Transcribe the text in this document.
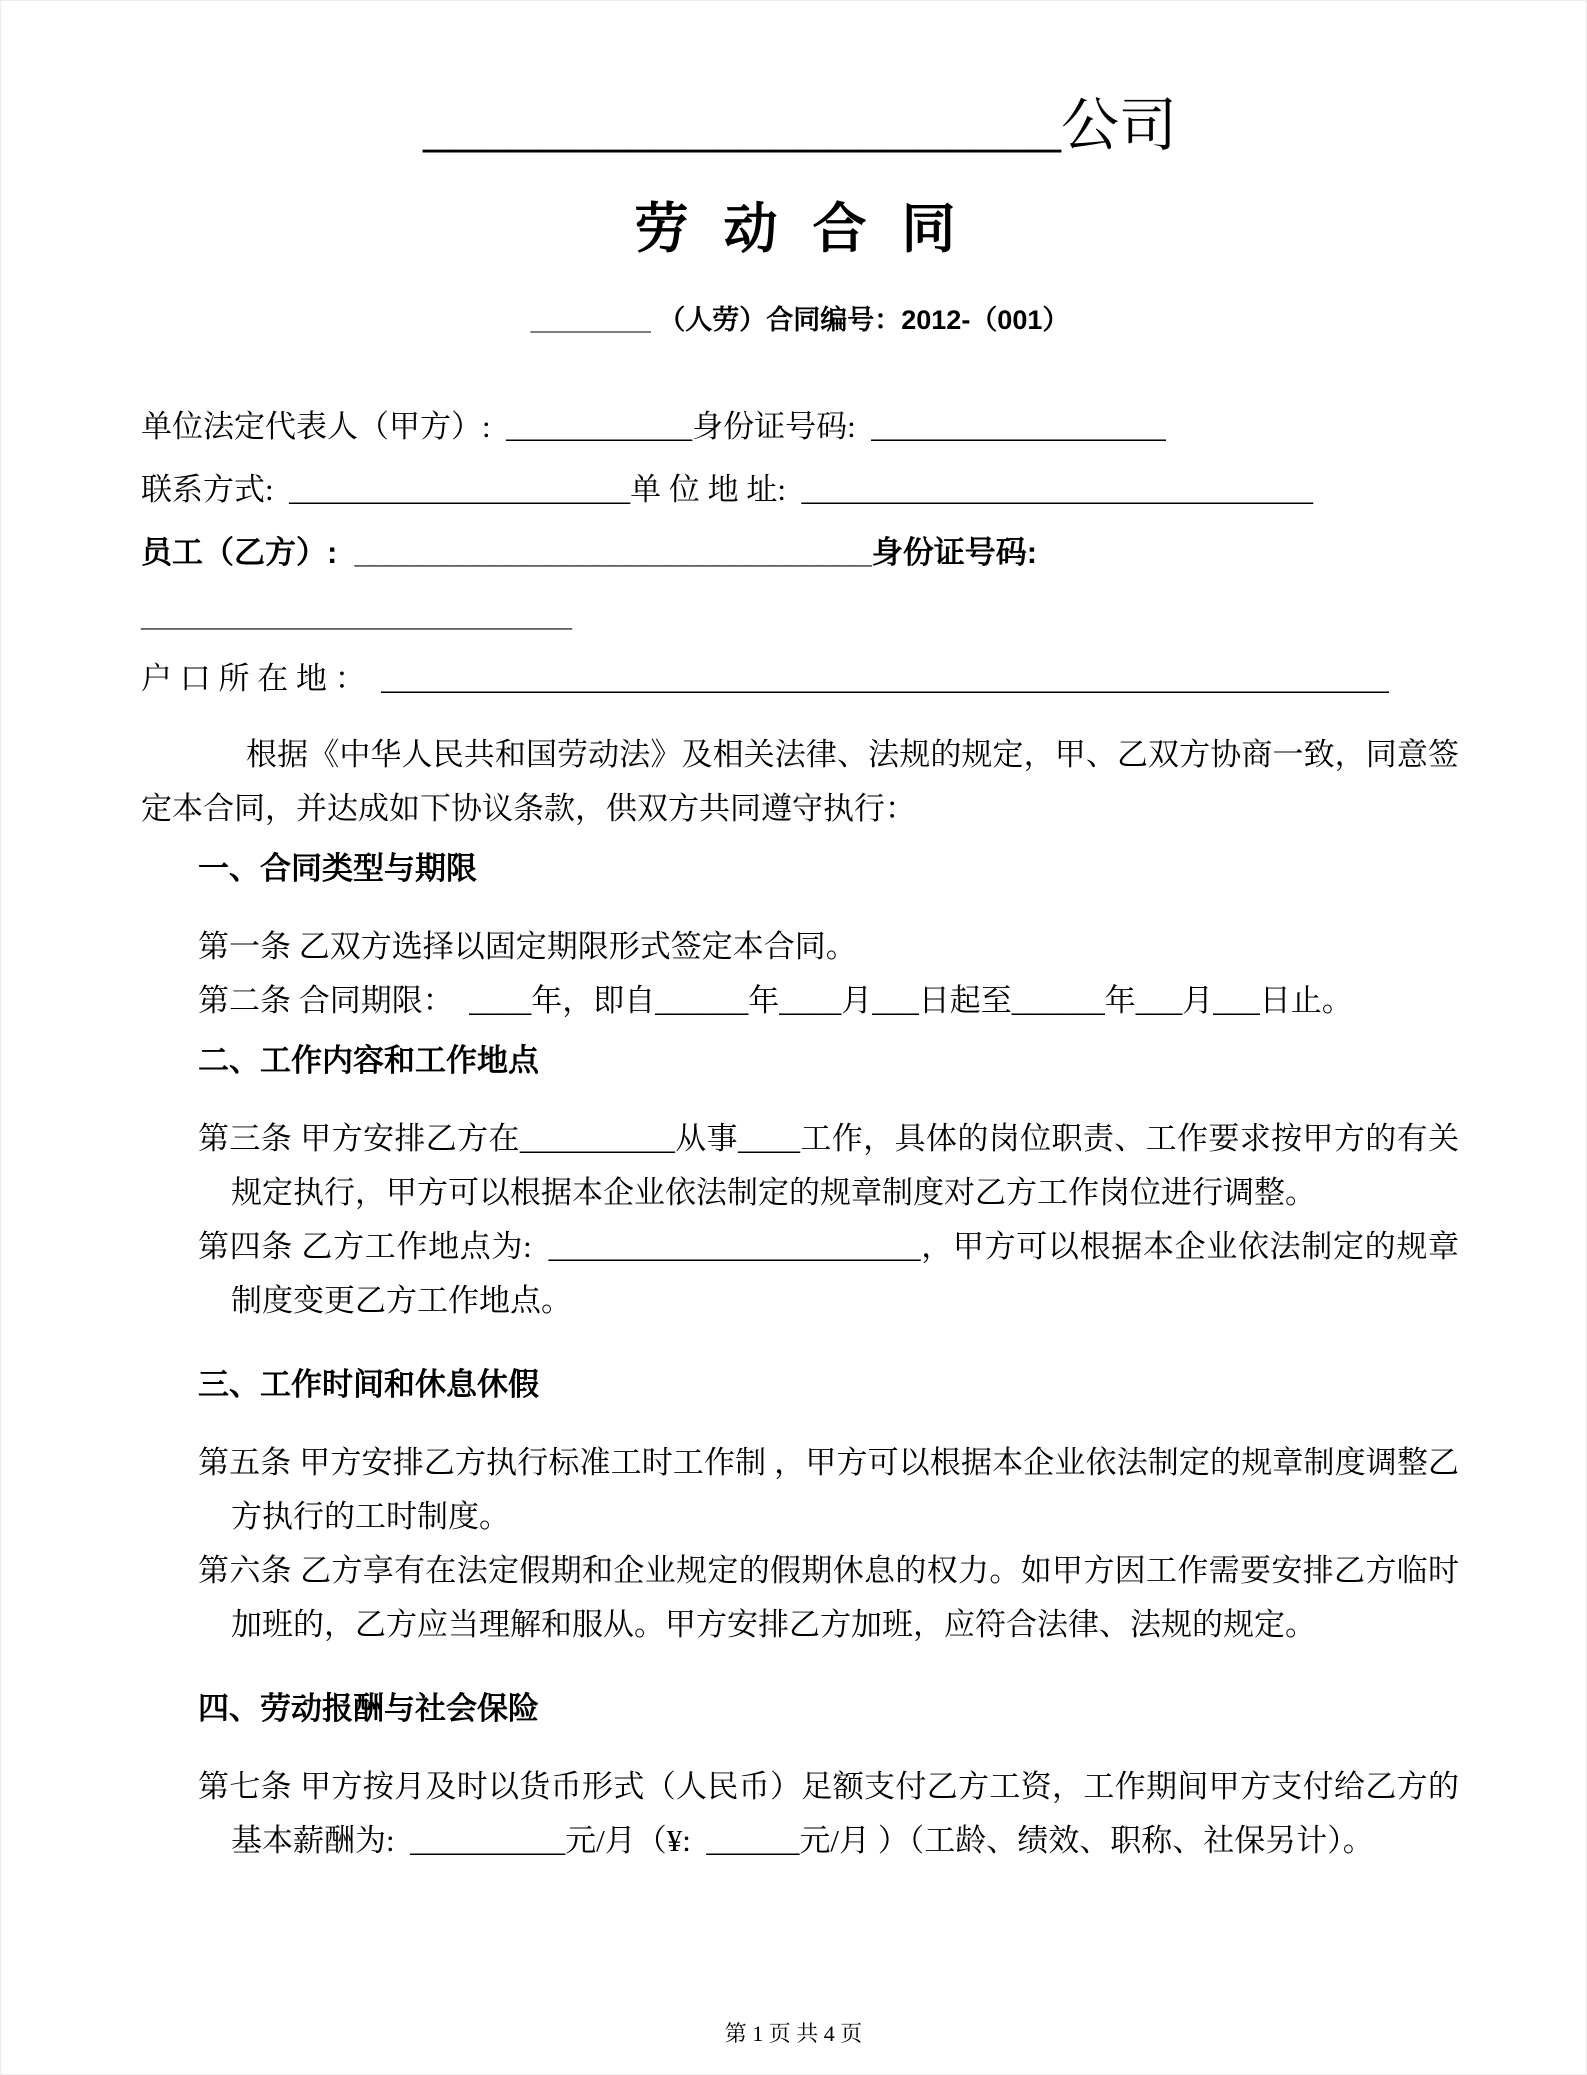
______________________公司
劳 动 合 同
________ （人劳）合同编号：2012-（001）
单位法定代表人（甲方）:  ____________身份证号码:  ___________________
联系方式:  ______________________单 位 地 址:  _________________________________
员工（乙方）:  ______________________________身份证号码:  _________________________
户 口 所 在 地 ：  _________________________________________________________________
根据《中华人民共和国劳动法》及相关法律、法规的规定，甲、乙双方协商一致，同意签定本合同，并达成如下协议条款，供双方共同遵守执行：
一、合同类型与期限
第一条 乙双方选择以固定期限形式签定本合同。
第二条 合同期限：  ____年，即自______年____月___日起至______年___月___日止。
二、工作内容和工作地点
第三条 甲方安排乙方在__________从事____工作，具体的岗位职责、工作要求按甲方的有关规定执行，甲方可以根据本企业依法制定的规章制度对乙方工作岗位进行调整。
第四条 乙方工作地点为:  ________________________，甲方可以根据本企业依法制定的规章制度变更乙方工作地点。
三、工作时间和休息休假
第五条 甲方安排乙方执行标准工时工作制 ，甲方可以根据本企业依法制定的规章制度调整乙方执行的工时制度。
第六条 乙方享有在法定假期和企业规定的假期休息的权力。如甲方因工作需要安排乙方临时加班的，乙方应当理解和服从。甲方安排乙方加班，应符合法律、法规的规定。
四、劳动报酬与社会保险
第七条 甲方按月及时以货币形式（人民币）足额支付乙方工资，工作期间甲方支付给乙方的基本薪酬为:  __________元/月（¥:  ______元/月 ）（工龄、绩效、职称、社保另计）。
第 1 页 共 4 页
